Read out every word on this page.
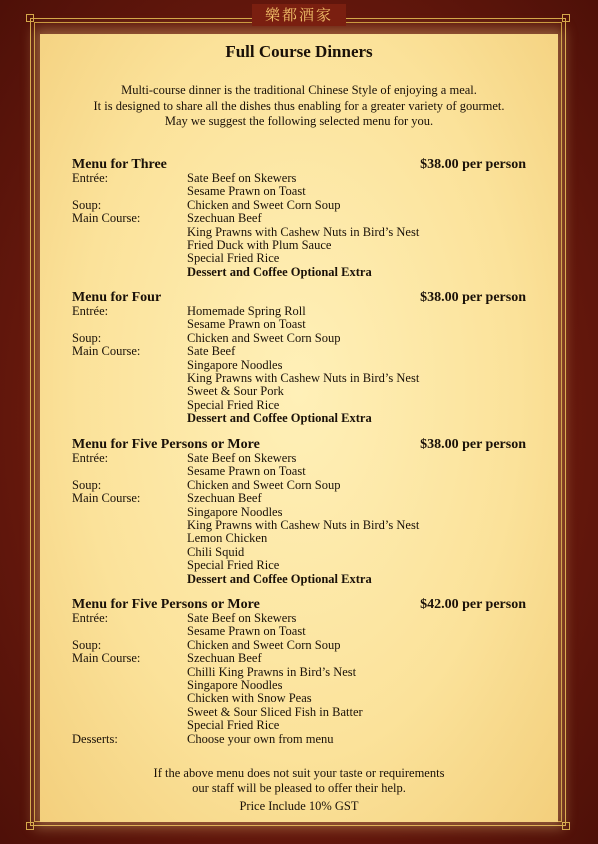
樂都酒家
Full Course Dinners
Multi-course dinner is the traditional Chinese Style of enjoying a meal.
It is designed to share all the dishes thus enabling for a greater variety of gourmet.
May we suggest the following selected menu for you.
Menu for Three	$38.00 per person
Entrée:	Sate Beef on Skewers
Sesame Prawn on Toast
Soup:	Chicken and Sweet Corn Soup
Main Course:	Szechuan Beef
King Prawns with Cashew Nuts in Bird’s Nest
Fried Duck with Plum Sauce
Special Fried Rice
Dessert and Coffee Optional Extra
Menu for Four	$38.00 per person
Entrée:	Homemade Spring Roll
Sesame Prawn on Toast
Soup:	Chicken and Sweet Corn Soup
Main Course:	Sate Beef
Singapore Noodles
King Prawns with Cashew Nuts in Bird’s Nest
Sweet & Sour Pork
Special Fried Rice
Dessert and Coffee Optional Extra
Menu for Five Persons or More	$38.00 per person
Entrée:	Sate Beef on Skewers
Sesame Prawn on Toast
Soup:	Chicken and Sweet Corn Soup
Main Course:	Szechuan Beef
Singapore Noodles
King Prawns with Cashew Nuts in Bird’s Nest
Lemon Chicken
Chili Squid
Special Fried Rice
Dessert and Coffee Optional Extra
Menu for Five Persons or More	$42.00 per person
Entrée:	Sate Beef on Skewers
Sesame Prawn on Toast
Soup:	Chicken and Sweet Corn Soup
Main Course:	Szechuan Beef
Chilli King Prawns in Bird’s Nest
Singapore Noodles
Chicken with Snow Peas
Sweet & Sour Sliced Fish in Batter
Special Fried Rice
Desserts:	Choose your own from menu
If the above menu does not suit your taste or requirements
our staff will be pleased to offer their help.
Price Include 10% GST
